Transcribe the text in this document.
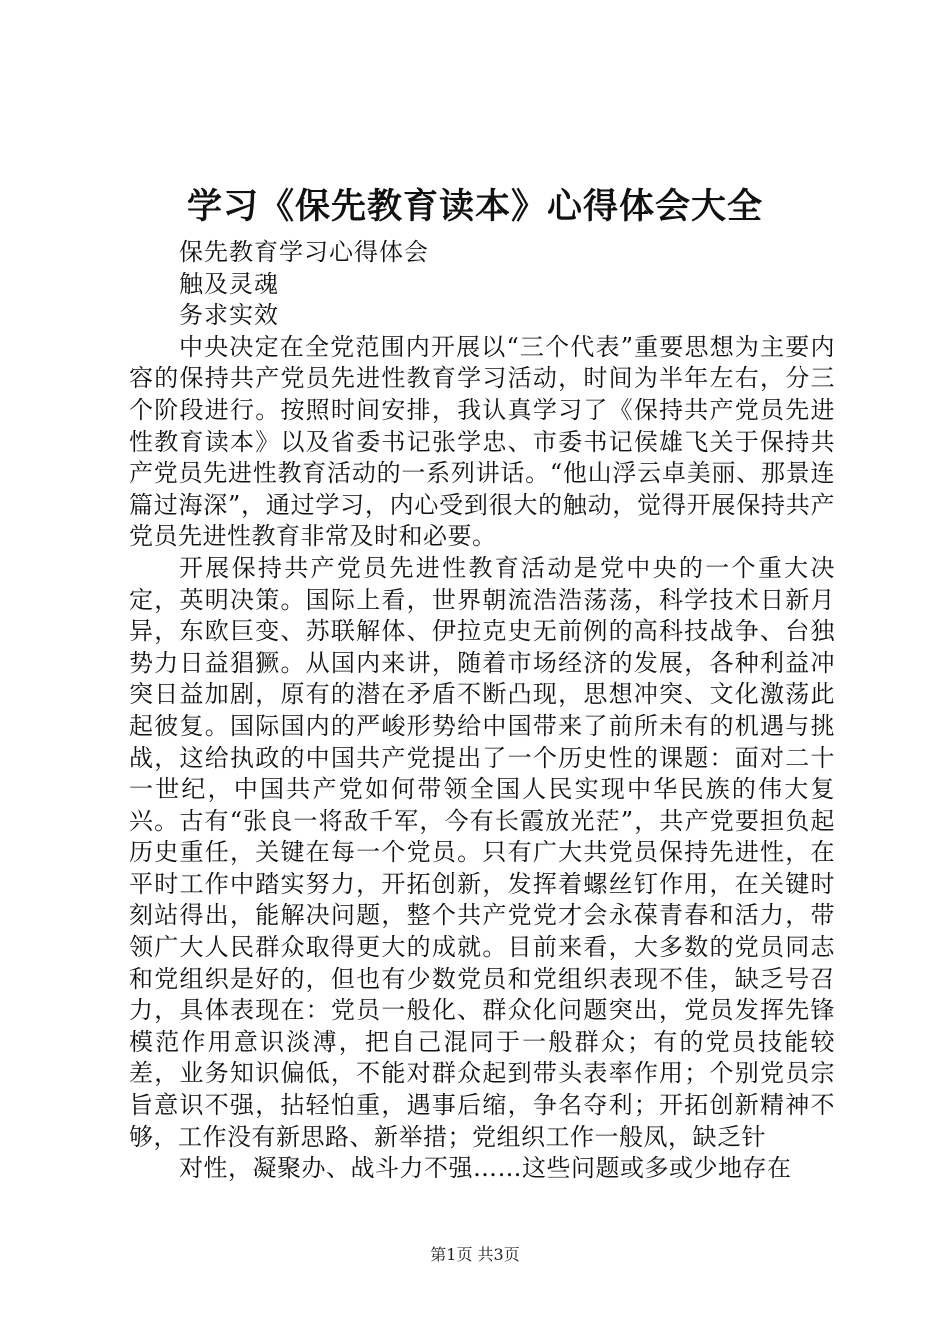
学习《保先教育读本》心得体会大全

保先教育学习心得体会

触及灵魂

务求实效

中央决定在全党范围内开展以“三个代表”重要思想为主要内容的保持共产党员先进性教育学习活动，时间为半年左右，分三个阶段进行。按照时间安排，我认真学习了《保持共产党员先进性教育读本》以及省委书记张学忠、市委书记侯雄飞关于保持共产党员先进性教育活动的一系列讲话。“他山浮云卓美丽、那景连篇过海深”，通过学习，内心受到很大的触动，觉得开展保持共产党员先进性教育非常及时和必要。

开展保持共产党员先进性教育活动是党中央的一个重大决定，英明决策。国际上看，世界朝流浩浩荡荡，科学技术日新月异，东欧巨变、苏联解体、伊拉克史无前例的高科技战争、台独势力日益猖獗。从国内来讲，随着市场经济的发展，各种利益冲突日益加剧，原有的潜在矛盾不断凸现，思想冲突、文化激荡此起彼复。国际国内的严峻形势给中国带来了前所未有的机遇与挑战，这给执政的中国共产党提出了一个历史性的课题：面对二十一世纪，中国共产党如何带领全国人民实现中华民族的伟大复兴。古有“张良一将敌千军，今有长霞放光茫”，共产党要担负起历史重任，关键在每一个党员。只有广大共党员保持先进性，在平时工作中踏实努力，开拓创新，发挥着螺丝钉作用，在关键时刻站得出，能解决问题，整个共产党党才会永葆青春和活力，带领广大人民群众取得更大的成就。目前来看，大多数的党员同志和党组织是好的，但也有少数党员和党组织表现不佳，缺乏号召力，具体表现在：党员一般化、群众化问题突出，党员发挥先锋模范作用意识淡溥，把自己混同于一般群众；有的党员技能较差，业务知识偏低，不能对群众起到带头表率作用；个别党员宗旨意识不强，拈轻怕重，遇事后缩，争名夺利；开拓创新精神不够，工作没有新思路、新举措；党组织工作一般凤，缺乏针

对性，凝聚办、战斗力不强……这些问题或多或少地存在

第1页 共3页
